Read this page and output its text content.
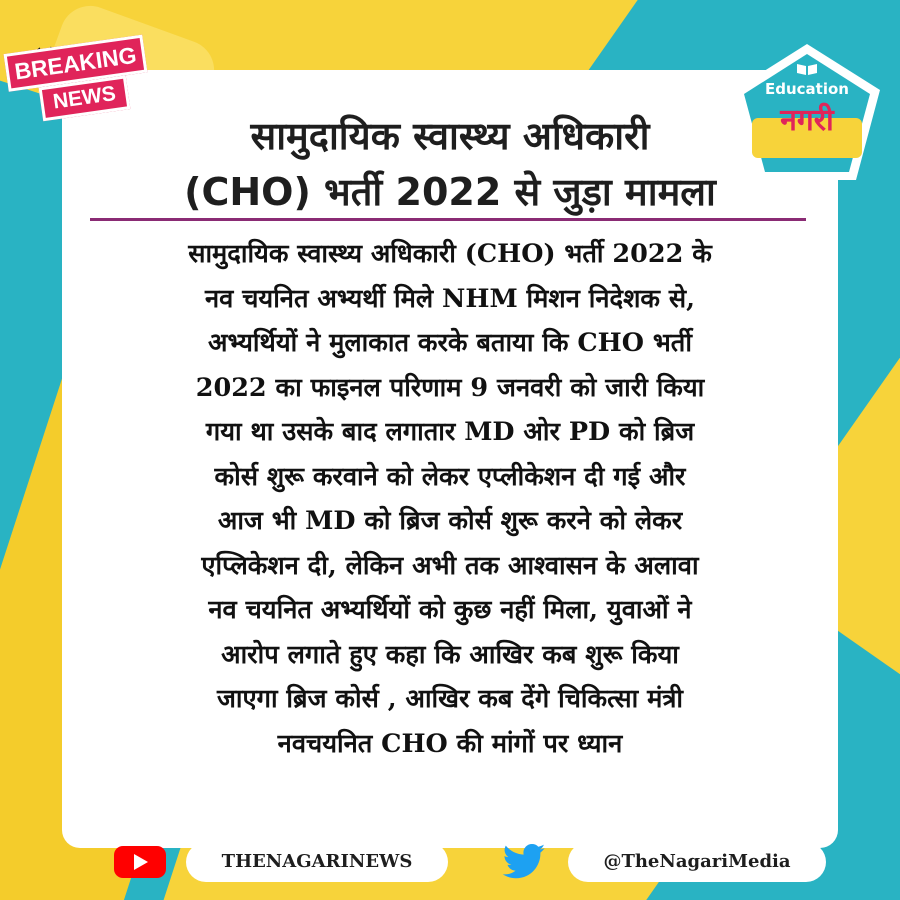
सामुदायिक स्वास्थ्य अधिकारी
(CHO) भर्ती 2022 से जुड़ा मामला
सामुदायिक स्वास्थ्य अधिकारी (CHO) भर्ती 2022 के
नव चयनित अभ्यर्थी मिले NHM मिशन निदेशक से,
अभ्यर्थियों ने मुलाकात करके बताया कि CHO भर्ती
2022 का फाइनल परिणाम 9 जनवरी को जारी किया
गया था उसके बाद लगातार MD ओर PD को ब्रिज
कोर्स शुरू करवाने को लेकर एप्लीकेशन दी गई और
आज भी MD को ब्रिज कोर्स शुरू करने को लेकर
एप्लिकेशन दी, लेकिन अभी तक आश्वासन के अलावा
नव चयनित अभ्यर्थियों को कुछ नहीं मिला, युवाओं ने
आरोप लगाते हुए कहा कि आखिर कब शुरू किया
जाएगा ब्रिज कोर्स , आखिर कब देंगे चिकित्सा मंत्री
नवचयनित CHO की मांगों पर ध्यान
BREAKING
NEWS	Education
नगरी
THENAGARINEWS	@TheNagariMedia
